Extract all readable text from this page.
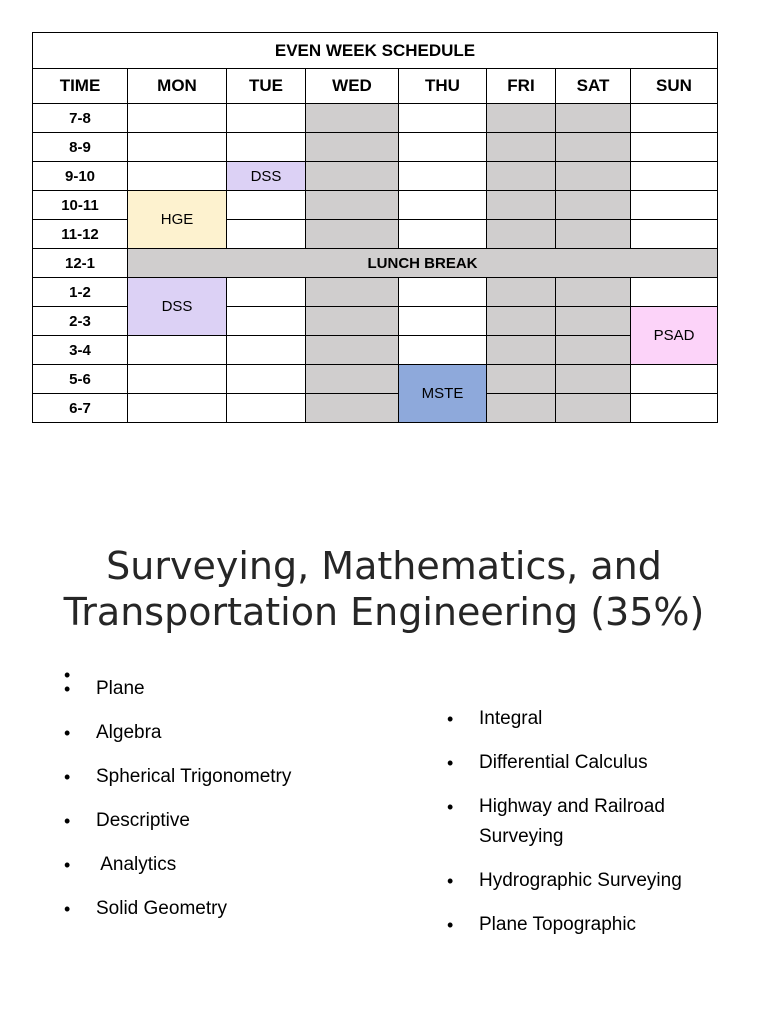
EVEN WEEK SCHEDULE							
TIME	MON	TUE	WED	THU	FRI	SAT	SUN
7-8							
8-9							
9-10		DSS					
10-11	HGE						
11-12							
12-1	LUNCH BREAK						
1-2	DSS						
2-3							PSAD
3-4							
5-6				MSTE			
6-7							
Surveying, Mathematics, and Transportation Engineering (35%)
• Plane
• Algebra
• Spherical Trigonometry
• Descriptive
•  Analytics
• Solid Geometry
• Integral
• Differential Calculus
• Highway and Railroad Surveying
• Hydrographic Surveying
• Plane Topographic
